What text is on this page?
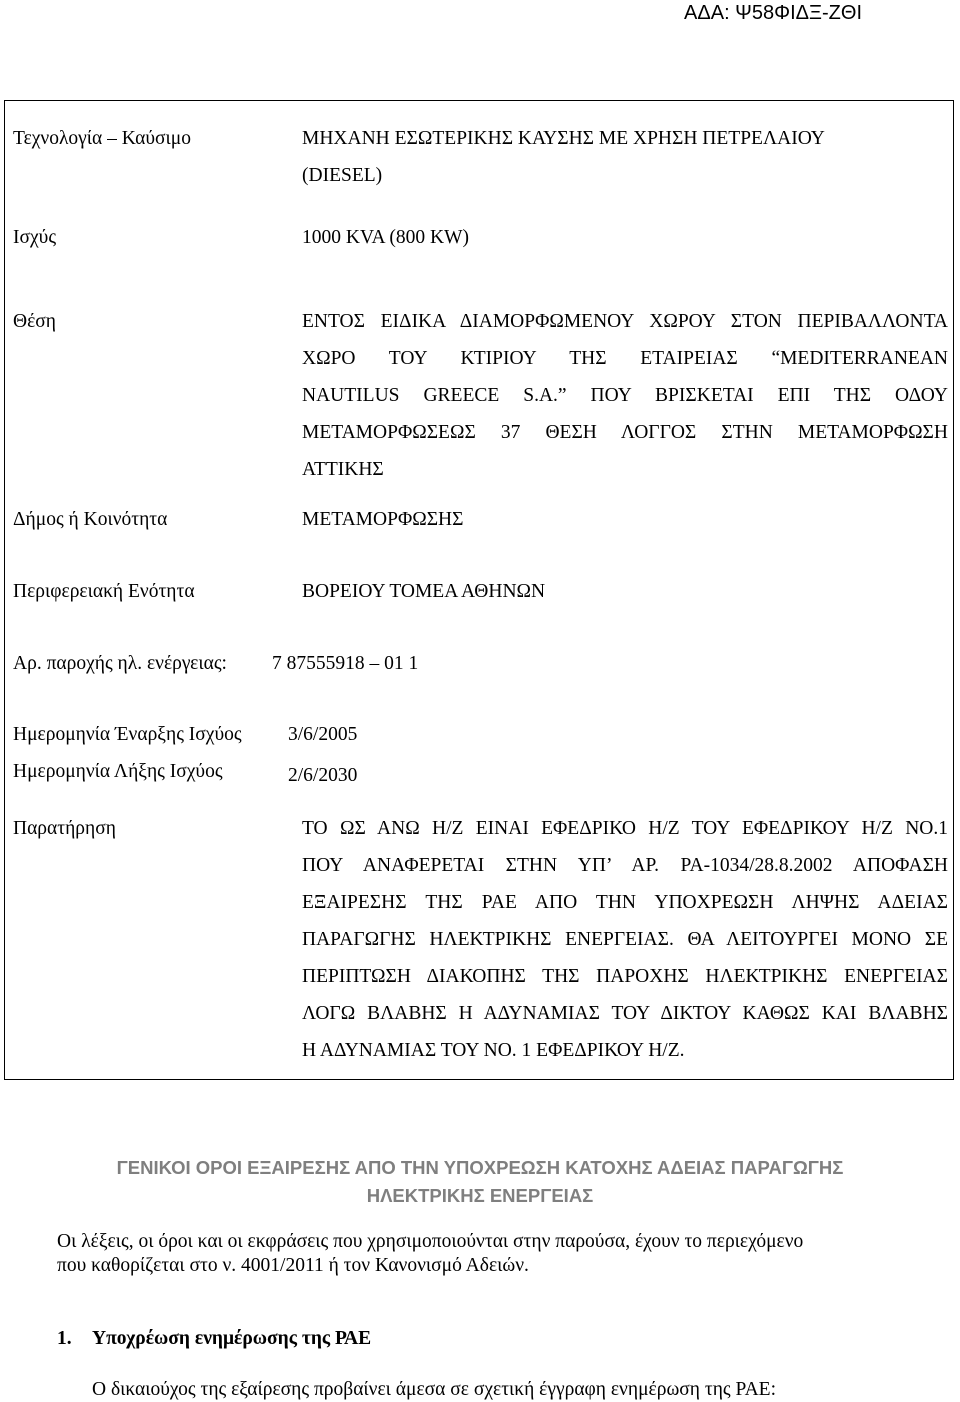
ΑΔΑ: Ψ58ΦΙΔΞ-ΖΘΙ
Τεχνολογία – Καύσιμο	ΜΗΧΑΝΗ ΕΣΩΤΕΡΙΚΗΣ ΚΑΥΣΗΣ ΜΕ ΧΡΗΣΗ ΠΕΤΡΕΛΑΙΟΥ
(DIESEL)
Ισχύς	1000 KVA (800 KW)
Θέση	ΕΝΤΟΣ ΕΙΔΙΚΑ ΔΙΑΜΟΡΦΩΜΕΝΟΥ ΧΩΡΟΥ ΣΤΟΝ ΠΕΡΙΒΑΛΛΟΝΤΑ
ΧΩΡΟ ΤΟΥ ΚΤΙΡΙΟΥ ΤΗΣ ΕΤΑΙΡΕΙΑΣ “MEDITERRANEAN
NAUTILUS GREECE S.A.” ΠΟΥ ΒΡΙΣΚΕΤΑΙ ΕΠΙ ΤΗΣ ΟΔΟΥ
ΜΕΤΑΜΟΡΦΩΣΕΩΣ 37 ΘΕΣΗ ΛΟΓΓΟΣ ΣΤΗΝ ΜΕΤΑΜΟΡΦΩΣΗ
ΑΤΤΙΚΗΣ
Δήμος ή Κοινότητα	ΜΕΤΑΜΟΡΦΩΣΗΣ
Περιφερειακή Ενότητα	ΒΟΡΕΙΟΥ ΤΟΜΕΑ ΑΘΗΝΩΝ
Αρ. παροχής ηλ. ενέργειας: 7 87555918 – 01 1
Ημερομηνία Έναρξης Ισχύος 3/6/2005
Ημερομηνία Λήξης Ισχύος	2/6/2030
Παρατήρηση	ΤΟ ΩΣ ΑΝΩ Η/Ζ ΕΙΝΑΙ ΕΦΕΔΡΙΚΟ Η/Ζ ΤΟΥ ΕΦΕΔΡΙΚΟΥ Η/Ζ ΝΟ.1
ΠΟΥ ΑΝΑΦΕΡΕΤΑΙ ΣΤΗΝ ΥΠ’ ΑΡ. ΡΑ-1034/28.8.2002 ΑΠΟΦΑΣΗ
ΕΞΑΙΡΕΣΗΣ ΤΗΣ ΡΑΕ ΑΠΟ ΤΗΝ ΥΠΟΧΡΕΩΣΗ ΛΗΨΗΣ ΑΔΕΙΑΣ
ΠΑΡΑΓΩΓΗΣ ΗΛΕΚΤΡΙΚΗΣ ΕΝΕΡΓΕΙΑΣ. ΘΑ ΛΕΙΤΟΥΡΓΕΙ ΜΟΝΟ ΣΕ
ΠΕΡΙΠΤΩΣΗ ΔΙΑΚΟΠΗΣ ΤΗΣ ΠΑΡΟΧΗΣ ΗΛΕΚΤΡΙΚΗΣ ΕΝΕΡΓΕΙΑΣ
ΛΟΓΩ ΒΛΑΒΗΣ Η ΑΔΥΝΑΜΙΑΣ ΤΟΥ ΔΙΚΤΟΥ ΚΑΘΩΣ ΚΑΙ ΒΛΑΒΗΣ
Η ΑΔΥΝΑΜΙΑΣ ΤΟΥ ΝΟ. 1 ΕΦΕΔΡΙΚΟΥ Η/Ζ.
ΓΕΝΙΚΟΙ ΟΡΟΙ ΕΞΑΙΡΕΣΗΣ ΑΠΟ ΤΗΝ ΥΠΟΧΡΕΩΣΗ ΚΑΤΟΧΗΣ ΑΔΕΙΑΣ ΠΑΡΑΓΩΓΗΣ
ΗΛΕΚΤΡΙΚΗΣ ΕΝΕΡΓΕΙΑΣ
Οι λέξεις, οι όροι και οι εκφράσεις που χρησιμοποιούνται στην παρούσα, έχουν το περιεχόμενο
που καθορίζεται στο ν. 4001/2011 ή τον Κανονισμό Αδειών.
1. Υποχρέωση ενημέρωσης της ΡΑΕ
Ο δικαιούχος της εξαίρεσης προβαίνει άμεσα σε σχετική έγγραφη ενημέρωση της ΡΑΕ:
